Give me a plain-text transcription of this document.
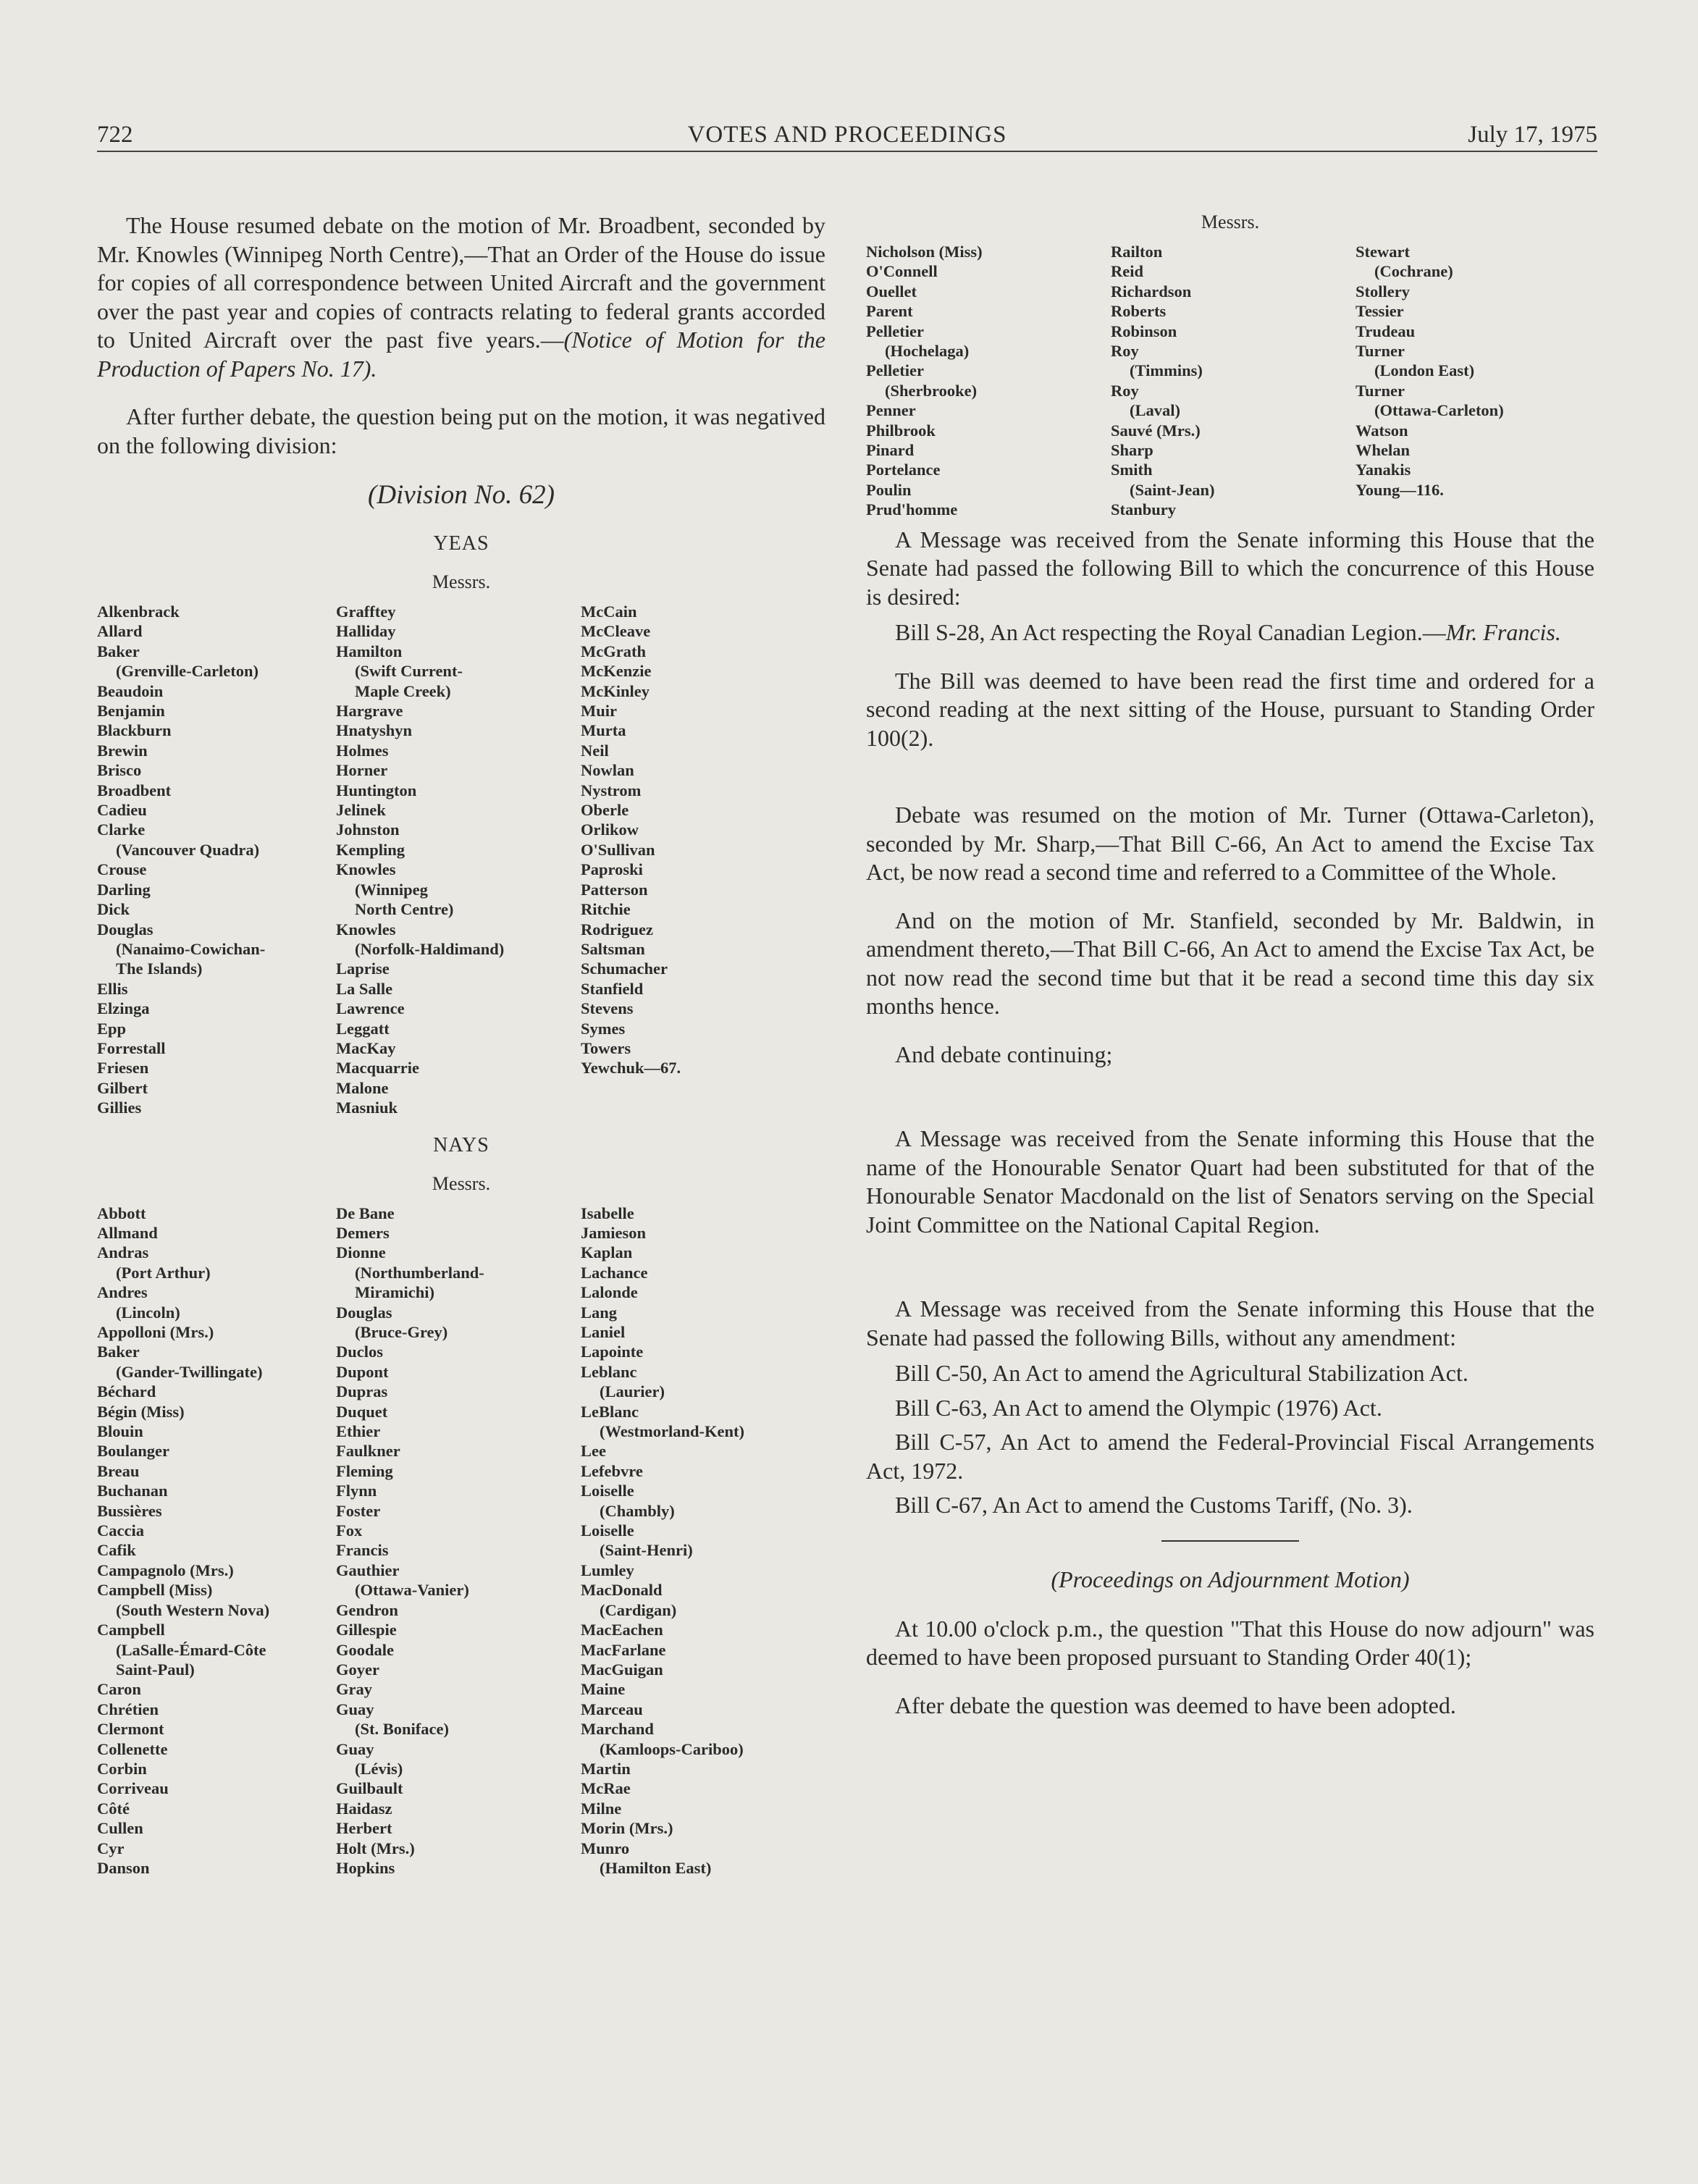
722	VOTES AND PROCEEDINGS	July 17, 1975

The House resumed debate on the motion of Mr. Broadbent, seconded by Mr. Knowles (Winnipeg North Centre),—That an Order of the House do issue for copies of all correspondence between United Aircraft and the government over the past year and copies of contracts relating to federal grants accorded to United Aircraft over the past five years.—(Notice of Motion for the Production of Papers No. 17).

After further debate, the question being put on the motion, it was negatived on the following division:

(Division No. 62)
YEAS
Messrs.
Alkenbrack
Allard
Baker
(Grenville-Carleton)
Beaudoin
Benjamin
Blackburn
Brewin
Brisco
Broadbent
Cadieu
Clarke
(Vancouver Quadra)
Crouse
Darling
Dick
Douglas
(Nanaimo-Cowichan-
The Islands)
Ellis
Elzinga
Epp
Forrestall
Friesen
Gilbert
Gillies
Grafftey
Halliday
Hamilton
(Swift Current-
Maple Creek)
Hargrave
Hnatyshyn
Holmes
Horner
Huntington
Jelinek
Johnston
Kempling
Knowles
(Winnipeg
North Centre)
Knowles
(Norfolk-Haldimand)
Laprise
La Salle
Lawrence
Leggatt
MacKay
Macquarrie
Malone
Masniuk
McCain
McCleave
McGrath
McKenzie
McKinley
Muir
Murta
Neil
Nowlan
Nystrom
Oberle
Orlikow
O'Sullivan
Paproski
Patterson
Ritchie
Rodriguez
Saltsman
Schumacher
Stanfield
Stevens
Symes
Towers
Yewchuk—67.
NAYS
Messrs.
Abbott
Allmand
Andras
(Port Arthur)
Andres
(Lincoln)
Appolloni (Mrs.)
Baker
(Gander-Twillingate)
Béchard
Bégin (Miss)
Blouin
Boulanger
Breau
Buchanan
Bussières
Caccia
Cafik
Campagnolo (Mrs.)
Campbell (Miss)
(South Western Nova)
Campbell
(LaSalle-Émard-Côte
Saint-Paul)
Caron
Chrétien
Clermont
Collenette
Corbin
Corriveau
Côté
Cullen
Cyr
Danson
De Bane
Demers
Dionne
(Northumberland-
Miramichi)
Douglas
(Bruce-Grey)
Duclos
Dupont
Dupras
Duquet
Ethier
Faulkner
Fleming
Flynn
Foster
Fox
Francis
Gauthier
(Ottawa-Vanier)
Gendron
Gillespie
Goodale
Goyer
Gray
Guay
(St. Boniface)
Guay
(Lévis)
Guilbault
Haidasz
Herbert
Holt (Mrs.)
Hopkins
Isabelle
Jamieson
Kaplan
Lachance
Lalonde
Lang
Laniel
Lapointe
Leblanc
(Laurier)
LeBlanc
(Westmorland-Kent)
Lee
Lefebvre
Loiselle
(Chambly)
Loiselle
(Saint-Henri)
Lumley
MacDonald
(Cardigan)
MacEachen
MacFarlane
MacGuigan
Maine
Marceau
Marchand
(Kamloops-Cariboo)
Martin
McRae
Milne
Morin (Mrs.)
Munro
(Hamilton East)
Messrs.
Nicholson (Miss)
O'Connell
Ouellet
Parent
Pelletier
(Hochelaga)
Pelletier
(Sherbrooke)
Penner
Philbrook
Pinard
Portelance
Poulin
Prud'homme
Railton
Reid
Richardson
Roberts
Robinson
Roy
(Timmins)
Roy
(Laval)
Sauvé (Mrs.)
Sharp
Smith
(Saint-Jean)
Stanbury
Stewart
(Cochrane)
Stollery
Tessier
Trudeau
Turner
(London East)
Turner
(Ottawa-Carleton)
Watson
Whelan
Yanakis
Young—116.

A Message was received from the Senate informing this House that the Senate had passed the following Bill to which the concurrence of this House is desired:

Bill S-28, An Act respecting the Royal Canadian Legion.—Mr. Francis.

The Bill was deemed to have been read the first time and ordered for a second reading at the next sitting of the House, pursuant to Standing Order 100(2).

Debate was resumed on the motion of Mr. Turner (Ottawa-Carleton), seconded by Mr. Sharp,—That Bill C-66, An Act to amend the Excise Tax Act, be now read a second time and referred to a Committee of the Whole.

And on the motion of Mr. Stanfield, seconded by Mr. Baldwin, in amendment thereto,—That Bill C-66, An Act to amend the Excise Tax Act, be not now read the second time but that it be read a second time this day six months hence.

And debate continuing;

A Message was received from the Senate informing this House that the name of the Honourable Senator Quart had been substituted for that of the Honourable Senator Macdonald on the list of Senators serving on the Special Joint Committee on the National Capital Region.

A Message was received from the Senate informing this House that the Senate had passed the following Bills, without any amendment:

Bill C-50, An Act to amend the Agricultural Stabilization Act.

Bill C-63, An Act to amend the Olympic (1976) Act.

Bill C-57, An Act to amend the Federal-Provincial Fiscal Arrangements Act, 1972.

Bill C-67, An Act to amend the Customs Tariff, (No. 3).

(Proceedings on Adjournment Motion)

At 10.00 o'clock p.m., the question "That this House do now adjourn" was deemed to have been proposed pursuant to Standing Order 40(1);

After debate the question was deemed to have been adopted.
